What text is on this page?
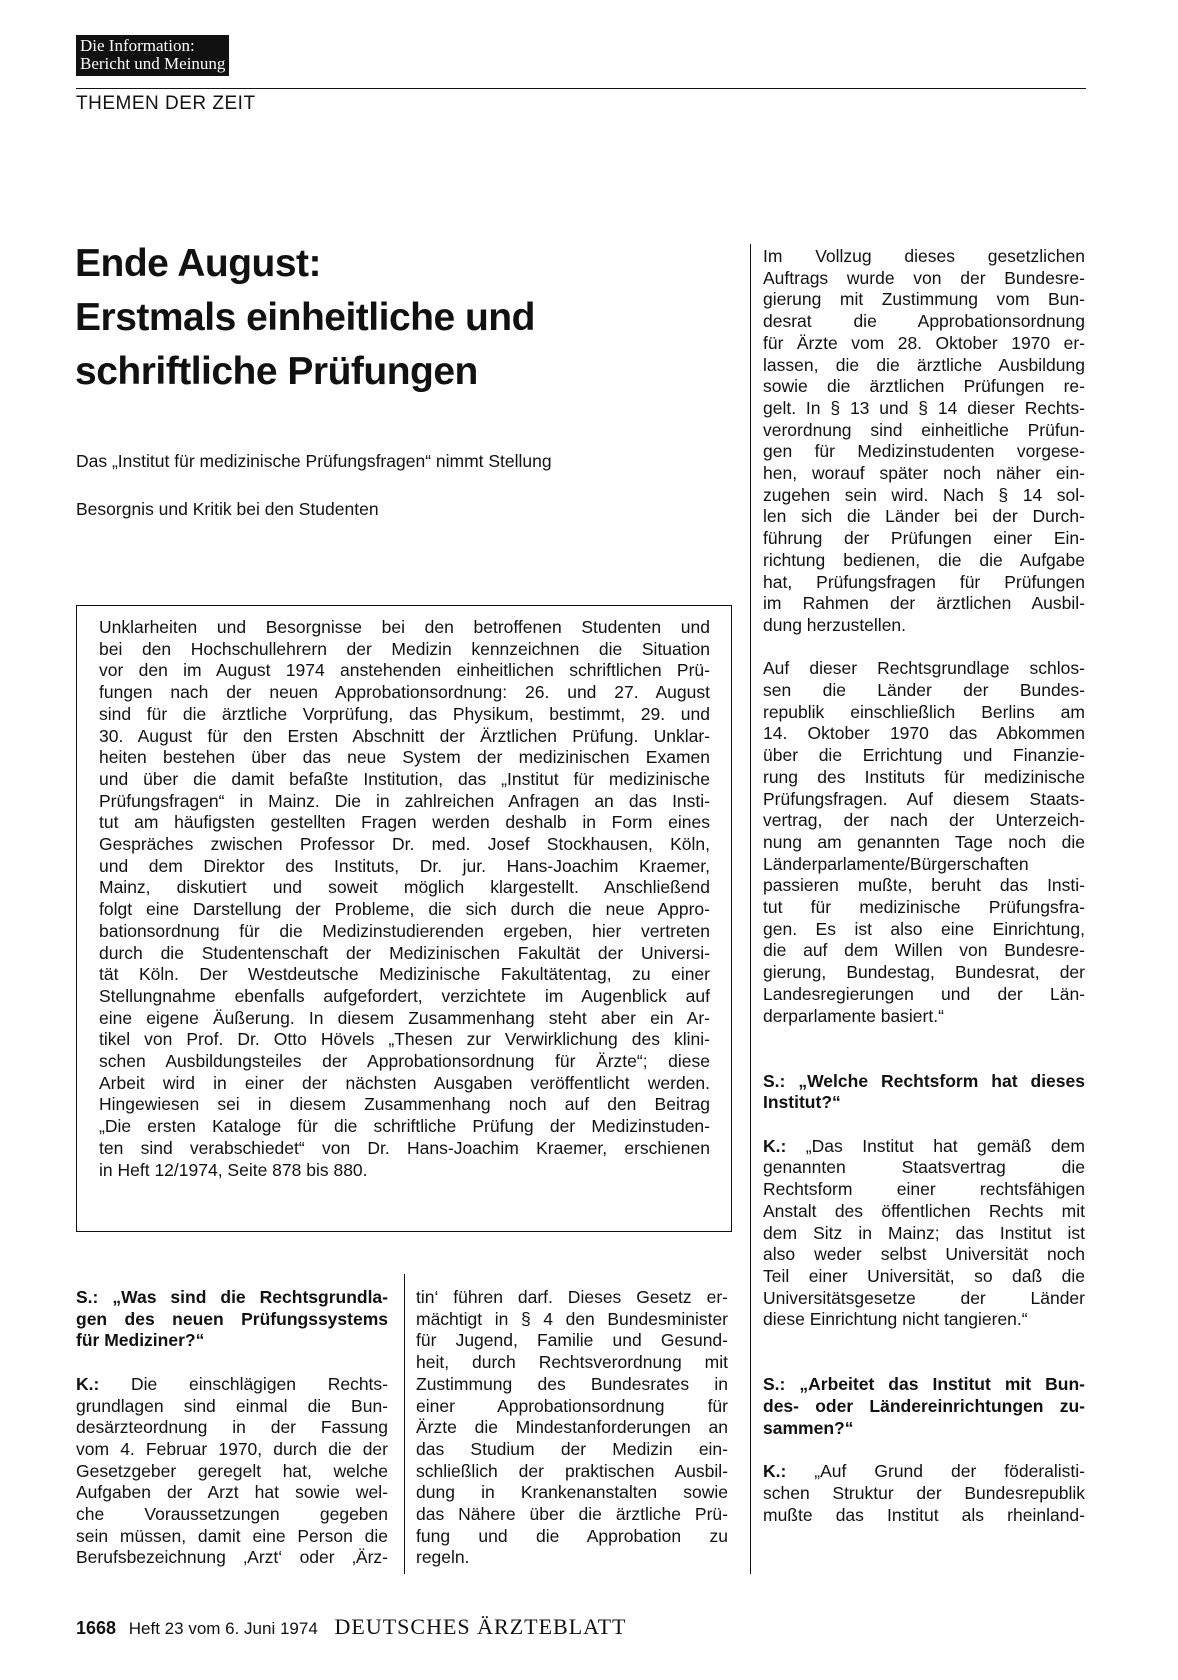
Die Information:
Bericht und Meinung
THEMEN DER ZEIT
Ende August:
Erstmals einheitliche und
schriftliche Prüfungen
Das „Institut für medizinische Prüfungsfragen“ nimmt Stellung
Besorgnis und Kritik bei den Studenten
Unklarheiten und Besorgnisse bei den betroffenen Studenten und
bei den Hochschullehrern der Medizin kennzeichnen die Situation
vor den im August 1974 anstehenden einheitlichen schriftlichen Prü-
fungen nach der neuen Approbationsordnung: 26. und 27. August
sind für die ärztliche Vorprüfung, das Physikum, bestimmt, 29. und
30. August für den Ersten Abschnitt der Ärztlichen Prüfung. Unklar-
heiten bestehen über das neue System der medizinischen Examen
und über die damit befaßte Institution, das „Institut für medizinische
Prüfungsfragen“ in Mainz. Die in zahlreichen Anfragen an das Insti-
tut am häufigsten gestellten Fragen werden deshalb in Form eines
Gespräches zwischen Professor Dr. med. Josef Stockhausen, Köln,
und dem Direktor des Instituts, Dr. jur. Hans-Joachim Kraemer,
Mainz, diskutiert und soweit möglich klargestellt. Anschließend
folgt eine Darstellung der Probleme, die sich durch die neue Appro-
bationsordnung für die Medizinstudierenden ergeben, hier vertreten
durch die Studentenschaft der Medizinischen Fakultät der Universi-
tät Köln. Der Westdeutsche Medizinische Fakultätentag, zu einer
Stellungnahme ebenfalls aufgefordert, verzichtete im Augenblick auf
eine eigene Äußerung. In diesem Zusammenhang steht aber ein Ar-
tikel von Prof. Dr. Otto Hövels „Thesen zur Verwirklichung des klini-
schen Ausbildungsteiles der Approbationsordnung für Ärzte“; diese
Arbeit wird in einer der nächsten Ausgaben veröffentlicht werden.
Hingewiesen sei in diesem Zusammenhang noch auf den Beitrag
„Die ersten Kataloge für die schriftliche Prüfung der Medizinstuden-
ten sind verabschiedet“ von Dr. Hans-Joachim Kraemer, erschienen
in Heft 12/1974, Seite 878 bis 880.
S.: „Was sind die Rechtsgrundla-
gen des neuen Prüfungssystems
für Mediziner?“
K.: Die einschlägigen Rechts-
grundlagen sind einmal die Bun-
desärzteordnung in der Fassung
vom 4. Februar 1970, durch die der
Gesetzgeber geregelt hat, welche
Aufgaben der Arzt hat sowie wel-
che Voraussetzungen gegeben
sein müssen, damit eine Person die
Berufsbezeichnung ‚Arzt‘ oder ‚Ärz-
tin‘ führen darf. Dieses Gesetz er-
mächtigt in § 4 den Bundesminister
für Jugend, Familie und Gesund-
heit, durch Rechtsverordnung mit
Zustimmung des Bundesrates in
einer Approbationsordnung für
Ärzte die Mindestanforderungen an
das Studium der Medizin ein-
schließlich der praktischen Ausbil-
dung in Krankenanstalten sowie
das Nähere über die ärztliche Prü-
fung und die Approbation zu
regeln.
Im Vollzug dieses gesetzlichen
Auftrags wurde von der Bundesre-
gierung mit Zustimmung vom Bun-
desrat die Approbationsordnung
für Ärzte vom 28. Oktober 1970 er-
lassen, die die ärztliche Ausbildung
sowie die ärztlichen Prüfungen re-
gelt. In § 13 und § 14 dieser Rechts-
verordnung sind einheitliche Prüfun-
gen für Medizinstudenten vorgese-
hen, worauf später noch näher ein-
zugehen sein wird. Nach § 14 sol-
len sich die Länder bei der Durch-
führung der Prüfungen einer Ein-
richtung bedienen, die die Aufgabe
hat, Prüfungsfragen für Prüfungen
im Rahmen der ärztlichen Ausbil-
dung herzustellen.
Auf dieser Rechtsgrundlage schlos-
sen die Länder der Bundes-
republik einschließlich Berlins am
14. Oktober 1970 das Abkommen
über die Errichtung und Finanzie-
rung des Instituts für medizinische
Prüfungsfragen. Auf diesem Staats-
vertrag, der nach der Unterzeich-
nung am genannten Tage noch die
Länderparlamente/Bürgerschaften
passieren mußte, beruht das Insti-
tut für medizinische Prüfungsfra-
gen. Es ist also eine Einrichtung,
die auf dem Willen von Bundesre-
gierung, Bundestag, Bundesrat, der
Landesregierungen und der Län-
derparlamente basiert.“
S.: „Welche Rechtsform hat dieses
Institut?“
K.: „Das Institut hat gemäß dem
genannten Staatsvertrag die
Rechtsform einer rechtsfähigen
Anstalt des öffentlichen Rechts mit
dem Sitz in Mainz; das Institut ist
also weder selbst Universität noch
Teil einer Universität, so daß die
Universitätsgesetze der Länder
diese Einrichtung nicht tangieren.“
S.: „Arbeitet das Institut mit Bun-
des- oder Ländereinrichtungen zu-
sammen?“
K.: „Auf Grund der föderalisti-
schen Struktur der Bundesrepublik
mußte das Institut als rheinland-
1668 Heft 23 vom 6. Juni 1974 DEUTSCHES ÄRZTEBLATT
